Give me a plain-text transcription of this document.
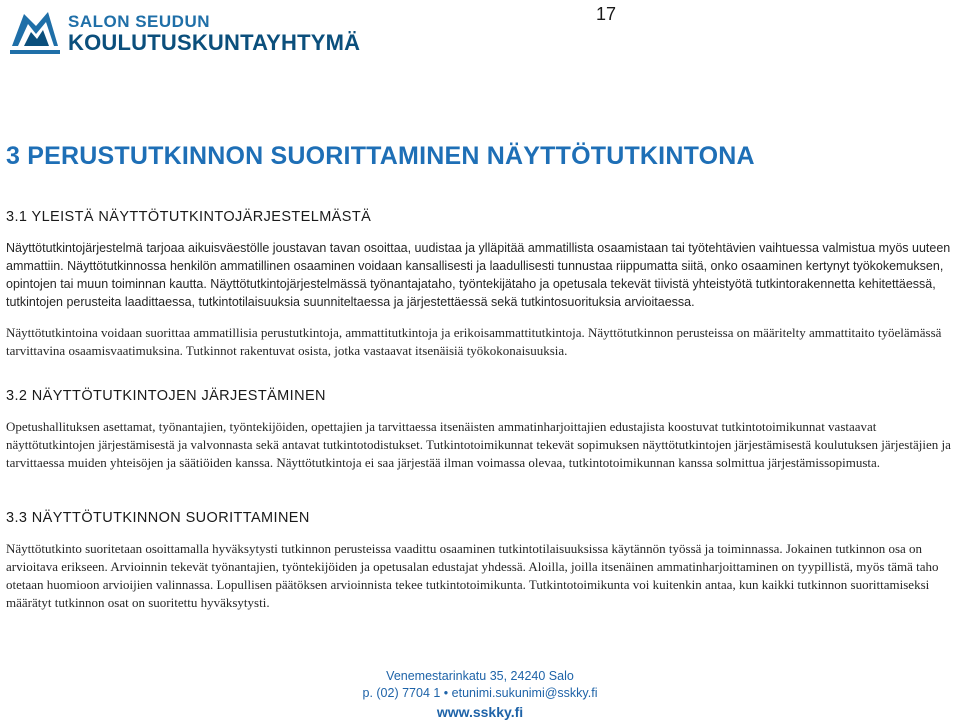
SALON SEUDUN
KOULUTUSKUNTAYHTYMÄ
17
3 PERUSTUTKINNON SUORITTAMINEN NÄYTTÖTUTKINTONA
3.1 YLEISTÄ NÄYTTÖTUTKINTOJÄRJESTELMÄSTÄ

Näyttötutkintojärjestelmä tarjoaa aikuisväestölle joustavan tavan osoittaa, uudistaa ja ylläpitää ammatillista osaamistaan tai työtehtävien vaihtuessa valmistua myös uuteen ammattiin. Näyttötutkinnossa henkilön ammatillinen osaaminen voidaan kansallisesti ja laadullisesti tunnustaa riippumatta siitä, onko osaaminen kertynyt työkokemuksen, opintojen tai muun toiminnan kautta. Näyttötutkintojärjestelmässä työnantajataho, työntekijätaho ja opetusala tekevät tiivistä yhteistyötä tutkintorakennetta kehitettäessä, tutkintojen perusteita laadittaessa, tutkintotilaisuuksia suunniteltaessa ja järjestettäessä sekä tutkintosuorituksia arvioitaessa.

Näyttötutkintoina voidaan suorittaa ammatillisia perustutkintoja, ammattitutkintoja ja erikoisammattitutkintoja. Näyttötutkinnon perusteissa on määritelty ammattitaito työelämässä tarvittavina osaamisvaatimuksina. Tutkinnot rakentuvat osista, jotka vastaavat itsenäisiä työkokonaisuuksia.

3.2 NÄYTTÖTUTKINTOJEN JÄRJESTÄMINEN

Opetushallituksen asettamat, työnantajien, työntekijöiden, opettajien ja tarvittaessa itsenäisten ammatinharjoittajien edustajista koostuvat tutkintotoimikunnat vastaavat näyttötutkintojen järjestämisestä ja valvonnasta sekä antavat tutkintotodistukset. Tutkintotoimikunnat tekevät sopimuksen näyttötutkintojen järjestämisestä koulutuksen järjestäjien ja tarvittaessa muiden yhteisöjen ja säätiöiden kanssa. Näyttötutkintoja ei saa järjestää ilman voimassa olevaa, tutkintotoimikunnan kanssa solmittua järjestämissopimusta.

3.3 NÄYTTÖTUTKINNON SUORITTAMINEN

Näyttötutkinto suoritetaan osoittamalla hyväksytysti tutkinnon perusteissa vaadittu osaaminen tutkintotilaisuuksissa käytännön työssä ja toiminnassa. Jokainen tutkinnon osa on arvioitava erikseen. Arvioinnin tekevät työnantajien, työntekijöiden ja opetusalan edustajat yhdessä. Aloilla, joilla itsenäinen ammatinharjoittaminen on tyypillistä, myös tämä taho otetaan huomioon arvioijien valinnassa. Lopullisen päätöksen arvioinnista tekee tutkintotoimikunta. Tutkintotoimikunta voi kuitenkin antaa, kun kaikki tutkinnon suorittamiseksi määrätyt tutkinnon osat on suoritettu hyväksytysti.

Venemestarinkatu 35, 24240 Salo
p. (02) 7704 1 • etunimi.sukunimi@sskky.fi
www.sskky.fi
